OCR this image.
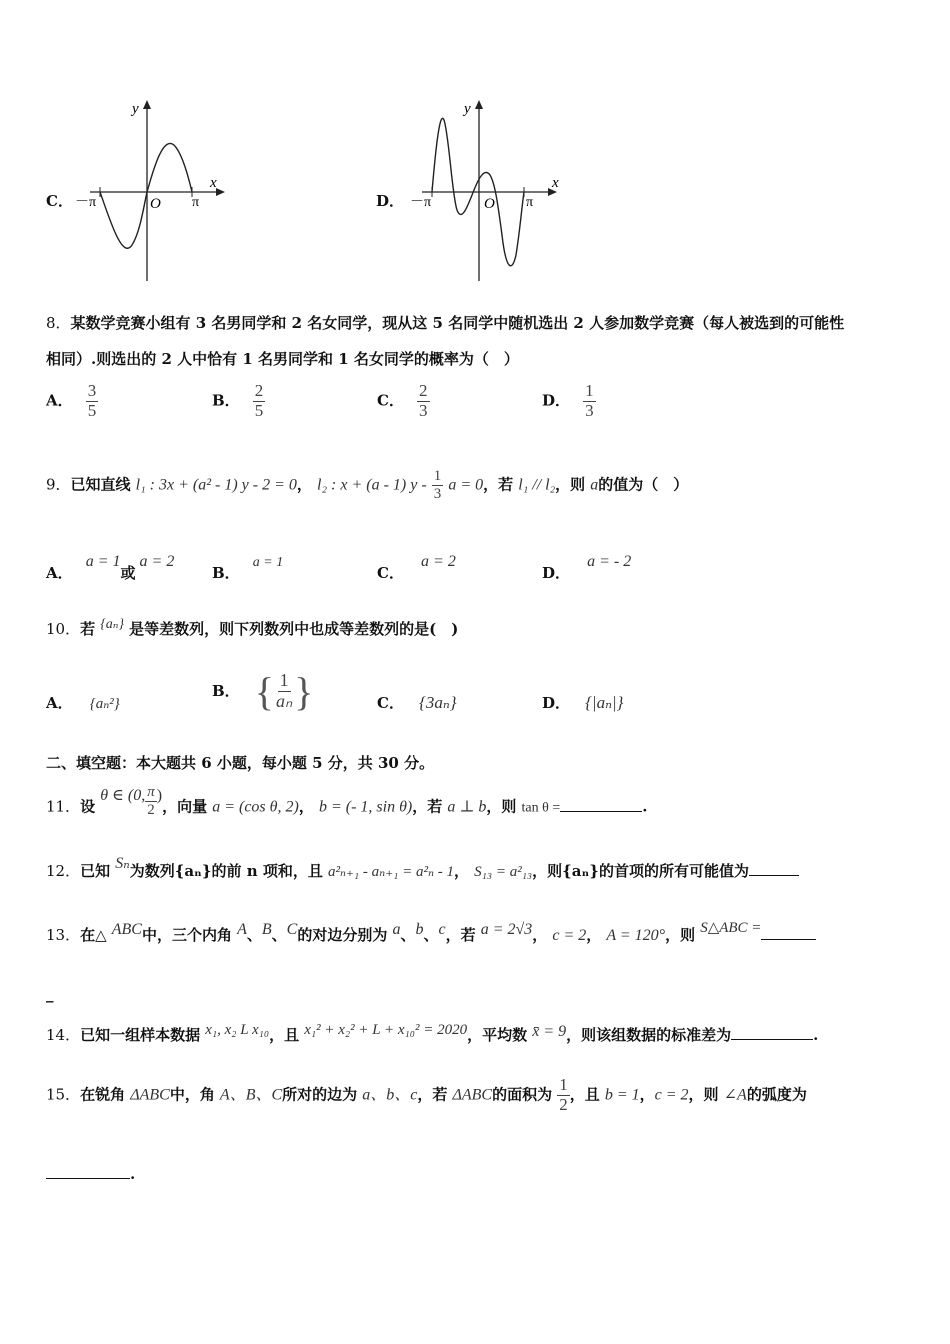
C．
y
x
O
－π	π	D．
y
x
O
－π	π
8．某数学竞赛小组有 3 名男同学和 2 名女同学，现从这 5 名同学中随机选出 2 人参加数学竞赛（每人被选到的可能性
相同）.则选出的 2 人中恰有 1 名男同学和 1 名女同学的概率为（　）
A． $\frac{3}{5}$	B． $\frac{2}{5}$	C． $\frac{2}{3}$	D． $\frac{1}{3}$
9．已知直线 l₁ : 3x + (a² - 1) y - 2 = 0， l₂ : x + (a - 1) y - $\frac{1}{3}$ a = 0，若 l₁ // l₂，则 a的值为（　）
A． a = 1或a = 2
B． a = 1
C． a = 2
D． a = - 2
10．若 {aₙ} 是等差数列，则下列数列中也成等差数列的是(　)
A． {aₙ²}
B． { $\frac{1}{\text{aₙ}}$ }	C． {3aₙ}	D． {|aₙ|}
二、填空题：本大题共 6 小题，每小题 5 分，共 30 分。
11．设 θ ∈ (0, $\frac{\pi}{2}$ )，向量 a = (cos θ, 2)， b = (- 1, sin θ)，若 a ⊥ b，则 tan θ =	.
12．已知 Sₙ为数列{aₙ}的前 n 项和，且 a²ₙ₊₁ - aₙ₊₁ = a²ₙ - 1， S₁₃ = a²₁₃，则{aₙ}的首项的所有可能值为
13．在△ ABC中，三个内角 A、B、C的对边分别为 a、b、c，若 a = 2√3， c = 2， A = 120°，则 S△ABC =
_
14．已知一组样本数据 x₁, x₂ L x₁₀，且 x₁² + x₂² + L + x₁₀² = 2020，平均数 x̄ = 9，则该组数据的标准差为	.
15．在锐角 ΔABC中，角 A、B、C所对的边为 a、b、c，若 ΔABC的面积为 $\frac{1}{2}$ ，且 b = 1，c = 2，则 ∠A的弧度为
.
